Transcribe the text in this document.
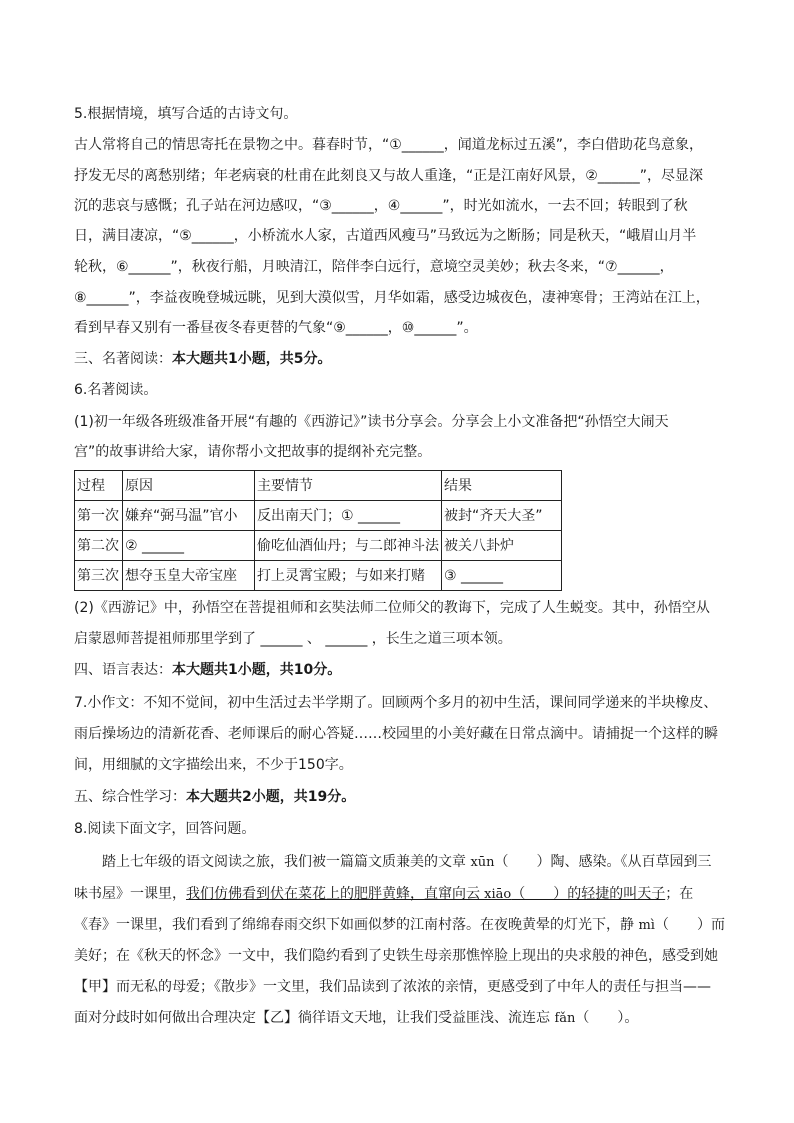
5.根据情境，填写合适的古诗文句。
古人常将自己的情思寄托在景物之中。暮春时节，“①______，闻道龙标过五溪”，李白借助花鸟意象，
抒发无尽的离愁别绪；年老病衰的杜甫在此刻良又与故人重逢，“正是江南好风景，②______”，尽显深
沉的悲哀与感慨；孔子站在河边感叹，“③______，④______”，时光如流水，一去不回；转眼到了秋
日，满目凄凉，“⑤______，小桥流水人家，古道西风瘦马”马致远为之断肠；同是秋天，“峨眉山月半
轮秋，⑥______”，秋夜行船，月映清江，陪伴李白远行，意境空灵美妙；秋去冬来，“⑦______，
⑧______”，李益夜晚登城远眺，见到大漠似雪，月华如霜，感受边城夜色，凄神寒骨；王湾站在江上，
看到早春又别有一番昼夜冬春更替的气象“⑨______，⑩______”。
三、名著阅读：本大题共1小题，共5分。
6.名著阅读。
(1)初一年级各班级准备开展“有趣的《西游记》”读书分享会。分享会上小文准备把“孙悟空大闹天
宫”的故事讲给大家，请你帮小文把故事的提纲补充完整。
过程	原因	主要情节	结果
第一次	嫌弃“弼马温”官小	反出南天门；① ______	被封“齐天大圣”
第二次	② ______	偷吃仙酒仙丹；与二郎神斗法	被关八卦炉
第三次	想夺玉皇大帝宝座	打上灵霄宝殿；与如来打赌	③ ______
(2)《西游记》中，孙悟空在菩提祖师和玄奘法师二位师父的教诲下，完成了人生蜕变。其中，孙悟空从
启蒙恩师菩提祖师那里学到了 ______ 、 ______ ，长生之道三项本领。
四、语言表达：本大题共1小题，共10分。
7.小作文：不知不觉间，初中生活过去半学期了。回顾两个多月的初中生活，课间同学递来的半块橡皮、
雨后操场边的清新花香、老师课后的耐心答疑……校园里的小美好藏在日常点滴中。请捕捉一个这样的瞬
间，用细腻的文字描绘出来，不少于150字。
五、综合性学习：本大题共2小题，共19分。
8.阅读下面文字，回答问题。
踏上七年级的语文阅读之旅，我们被一篇篇文质兼美的文章 xūn（　　）陶、感染。《从百草园到三
味书屋》一课里，我们仿佛看到伏在菜花上的肥胖黄蜂，直窜向云 xiāo（　　）的轻捷的叫天子；在
《春》一课里，我们看到了绵绵春雨交织下如画似梦的江南村落。在夜晚黄晕的灯光下，静 mì（　　）而
美好；在《秋天的怀念》一文中，我们隐约看到了史铁生母亲那憔悴脸上现出的央求般的神色，感受到她
【甲】而无私的母爱；《散步》一文里，我们品读到了浓浓的亲情，更感受到了中年人的责任与担当——
面对分歧时如何做出合理决定【乙】徜徉语文天地，让我们受益匪浅、流连忘 fǎn（　　）。
